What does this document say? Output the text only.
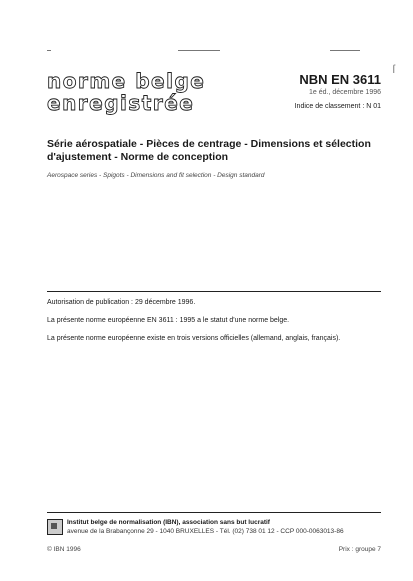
ſ
norme belge
enregistrée
NBN EN 3611
1e éd., décembre 1996
Indice de classement : N 01
Série aérospatiale - Pièces de centrage - Dimensions et sélection d'ajustement - Norme de conception
Aerospace series - Spigots - Dimensions and fit selection - Design standard
Autorisation de publication : 29 décembre 1996.
La présente norme européenne EN 3611 : 1995 a le statut d'une norme belge.
La présente norme européenne existe en trois versions officielles (allemand, anglais, français).
Institut belge de normalisation (IBN), association sans but lucratif
avenue de la Brabançonne 29 - 1040 BRUXELLES - Tél. (02) 738 01 12 - CCP 000-0063013-86
© IBN 1996	Prix : groupe 7
